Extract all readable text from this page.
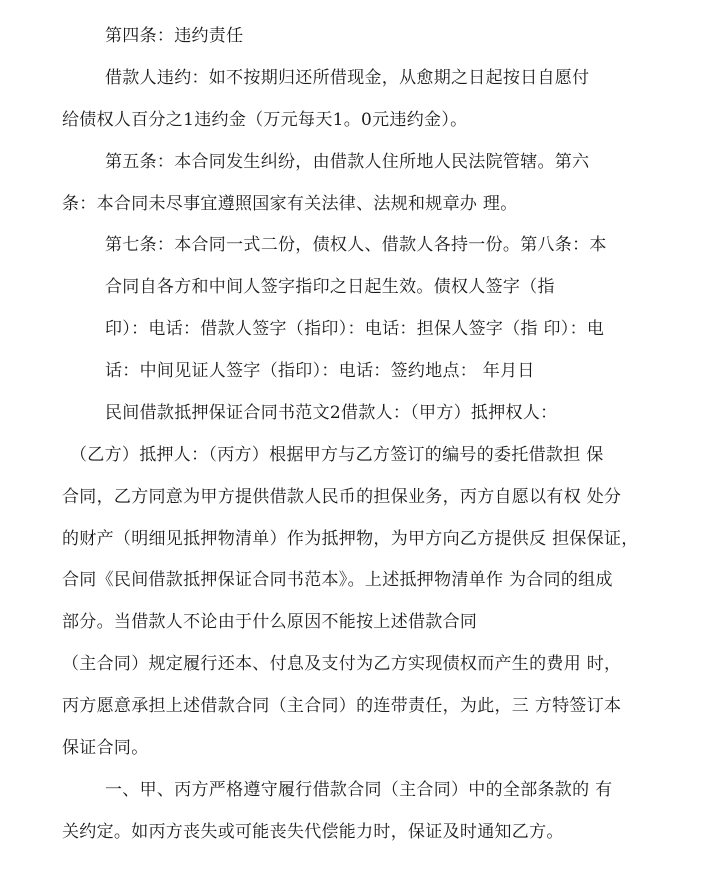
第四条：违约责任
借款人违约：如不按期归还所借现金，从愈期之日起按日自愿付
给债权人百分之1违约金（万元每天1。0元违约金）。
第五条：本合同发生纠纷，由借款人住所地人民法院管辖。第六
条：本合同未尽事宜遵照国家有关法律、法规和规章办 理。
第七条：本合同一式二份，债权人、借款人各持一份。第八条：本
合同自各方和中间人签字指印之日起生效。债权人签字（指
印）：电话：借款人签字（指印）：电话：担保人签字（指 印）：电
话：中间见证人签字（指印）：电话：签约地点： 年月日
民间借款抵押保证合同书范文2借款人：（甲方）抵押权人：
（乙方）抵押人：（丙方）根据甲方与乙方签订的编号的委托借款担 保
合同，乙方同意为甲方提供借款人民币的担保业务，丙方自愿以有权 处分
的财产（明细见抵押物清单）作为抵押物，为甲方向乙方提供反 担保保证，
合同《民间借款抵押保证合同书范本》。上述抵押物清单作 为合同的组成
部分。当借款人不论由于什么原因不能按上述借款合同
（主合同）规定履行还本、付息及支付为乙方实现债权而产生的费用 时，
丙方愿意承担上述借款合同（主合同）的连带责任，为此，三 方特签订本
保证合同。
一、甲、丙方严格遵守履行借款合同（主合同）中的全部条款的 有
关约定。如丙方丧失或可能丧失代偿能力时，保证及时通知乙方。
